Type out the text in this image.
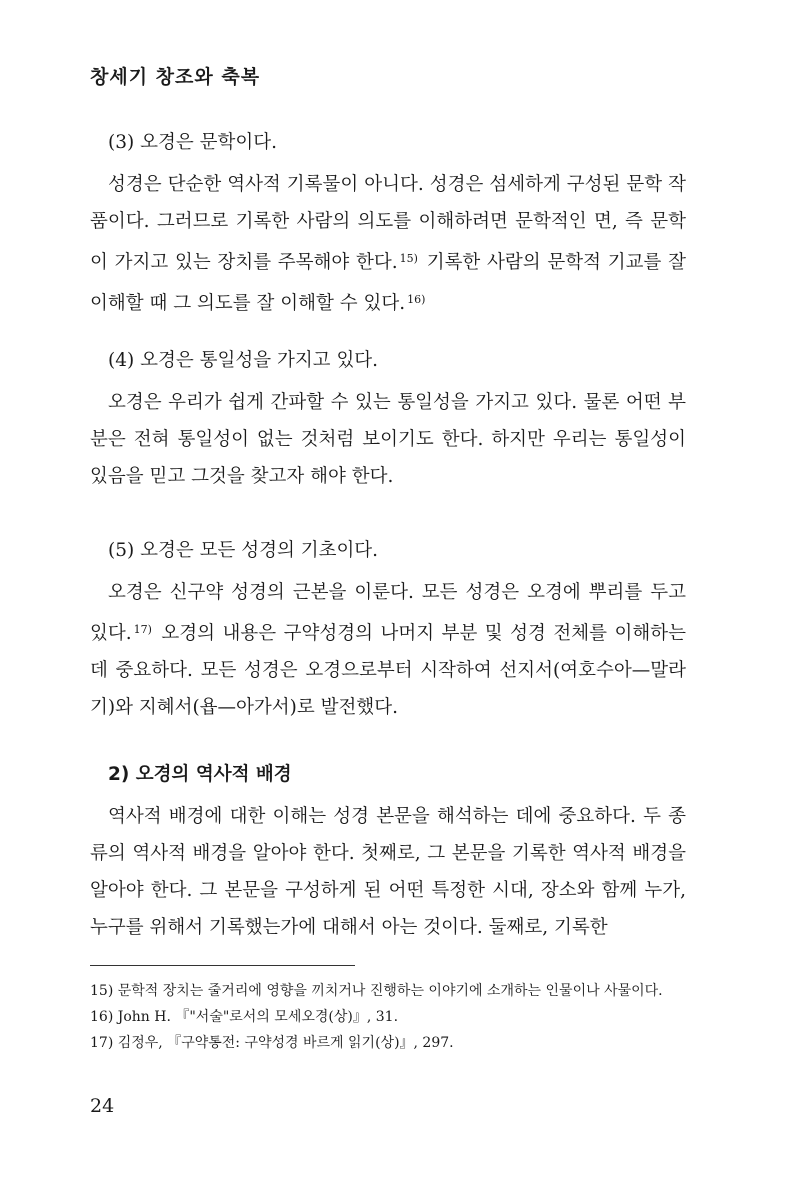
창세기 창조와 축복
(3) 오경은 문학이다.

성경은 단순한 역사적 기록물이 아니다. 성경은 섬세하게 구성된 문학 작품이다. 그러므로 기록한 사람의 의도를 이해하려면 문학적인 면, 즉 문학이 가지고 있는 장치를 주목해야 한다. $^{15)}$ 기록한 사람의 문학적 기교를 잘 이해할 때 그 의도를 잘 이해할 수 있다. $^{16)}$

(4) 오경은 통일성을 가지고 있다.

오경은 우리가 쉽게 간파할 수 있는 통일성을 가지고 있다. 물론 어떤 부분은 전혀 통일성이 없는 것처럼 보이기도 한다. 하지만 우리는 통일성이 있음을 믿고 그것을 찾고자 해야 한다.

(5) 오경은 모든 성경의 기초이다.

오경은 신구약 성경의 근본을 이룬다. 모든 성경은 오경에 뿌리를 두고 있다. $^{17)}$ 오경의 내용은 구약성경의 나머지 부분 및 성경 전체를 이해하는 데 중요하다. 모든 성경은 오경으로부터 시작하여 선지서(여호수아—말라기)와 지혜서(욥—아가서)로 발전했다.

2) 오경의 역사적 배경

역사적 배경에 대한 이해는 성경 본문을 해석하는 데에 중요하다. 두 종류의 역사적 배경을 알아야 한다. 첫째로, 그 본문을 기록한 역사적 배경을 알아야 한다. 그 본문을 구성하게 된 어떤 특정한 시대, 장소와 함께 누가, 누구를 위해서 기록했는가에 대해서 아는 것이다. 둘째로, 기록한

15) 문학적 장치는 줄거리에 영향을 끼치거나 진행하는 이야기에 소개하는 인물이나 사물이다.
16) John H. 『"서술"로서의 모세오경(상)』, 31.
17) 김정우, 『구약통전: 구약성경 바르게 읽기(상)』, 297.
24
